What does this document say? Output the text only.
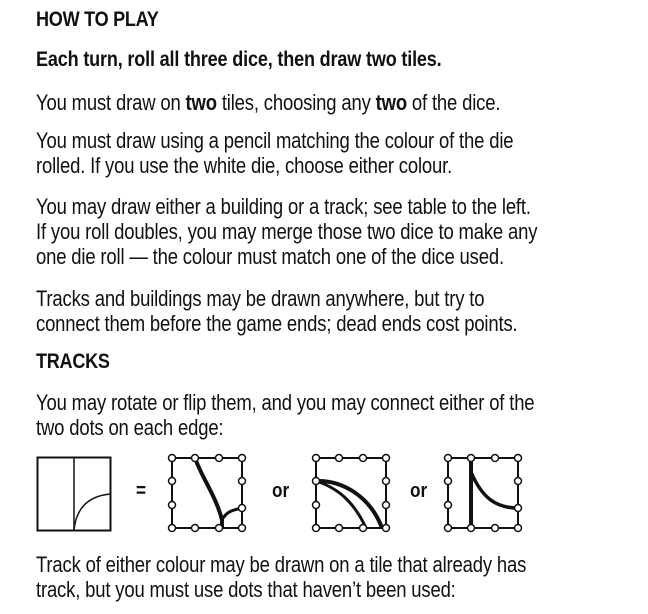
HOW TO PLAY
Each turn, roll all three dice, then draw two tiles.
You must draw on two tiles, choosing any two of the dice.
You must draw using a pencil matching the colour of the die
rolled. If you use the white die, choose either colour.
You may draw either a building or a track; see table to the left.
If you roll doubles, you may merge those two dice to make any
one die roll — the colour must match one of the dice used.
Tracks and buildings may be drawn anywhere, but try to
connect them before the game ends; dead ends cost points.
TRACKS
You may rotate or flip them, and you may connect either of the
two dots on each edge:
=	or	or
Track of either colour may be drawn on a tile that already has
track, but you must use dots that haven’t been used:
